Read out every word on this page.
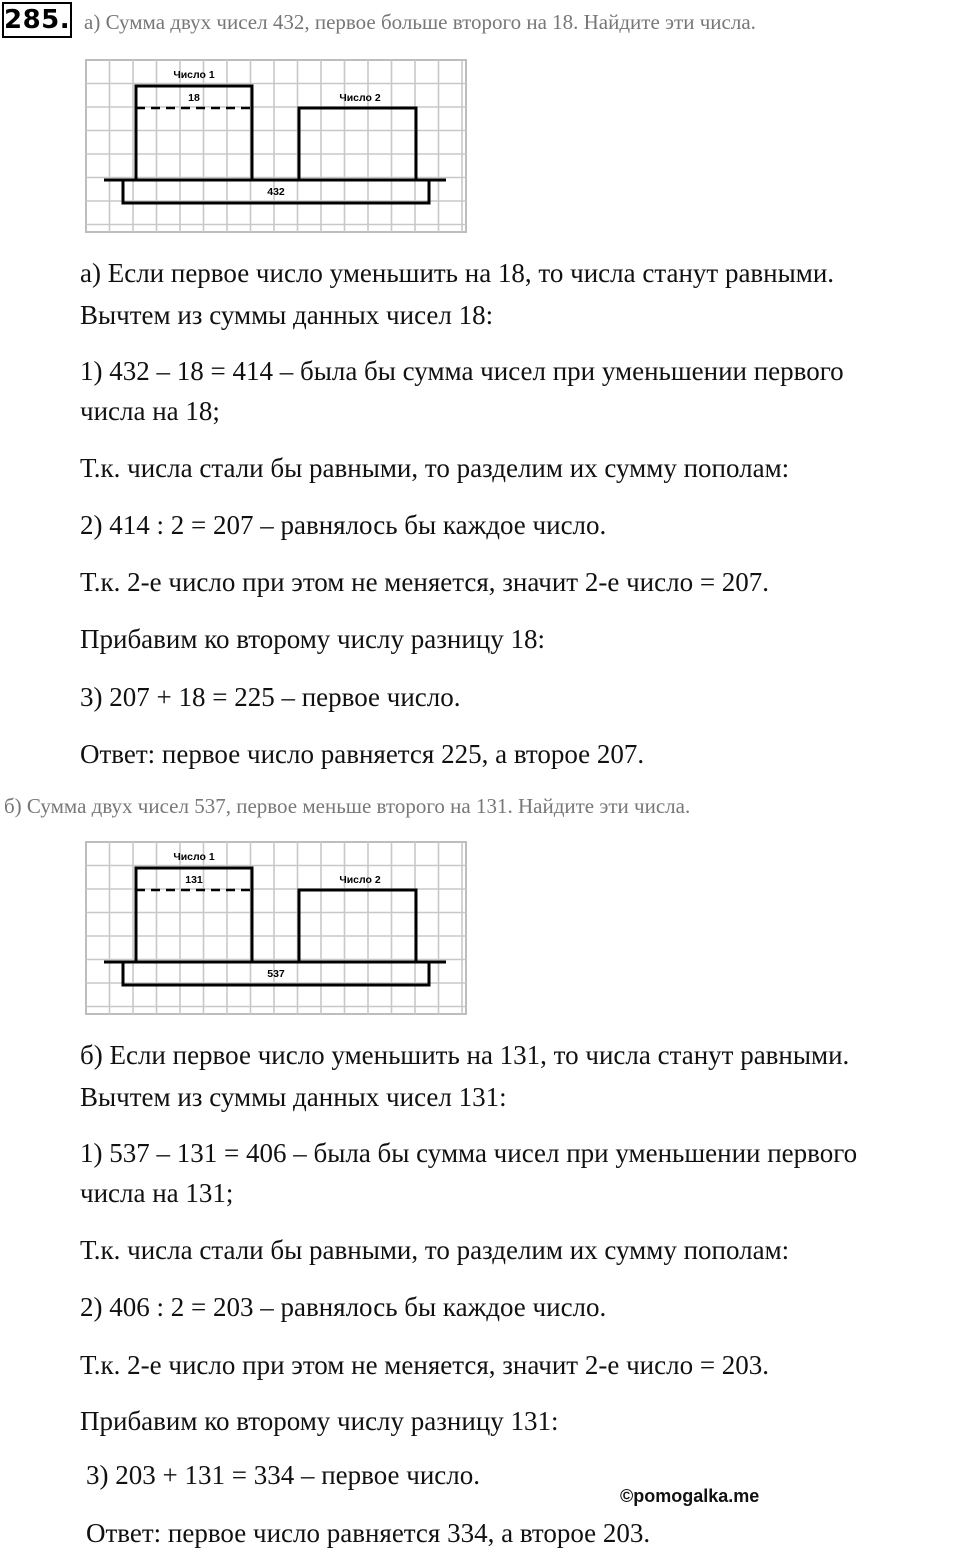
285. а) Сумма двух чисел 432, первое больше второго на 18. Найдите эти числа.
Число 1
18	Число 2
432
а) Если первое число уменьшить на 18, то числа станут равными.
Вычтем из суммы данных чисел 18:
1) 432 – 18 = 414 – была бы сумма чисел при уменьшении первого
числа на 18;
Т.к. числа стали бы равными, то разделим их сумму пополам:
2) 414 : 2 = 207 – равнялось бы каждое число.
Т.к. 2-е число при этом не меняется, значит 2-е число = 207.
Прибавим ко второму числу разницу 18:
3) 207 + 18 = 225 – первое число.
Ответ: первое число равняется 225, а второе 207.
б) Сумма двух чисел 537, первое меньше второго на 131. Найдите эти числа.
Число 1
131	Число 2
537
б) Если первое число уменьшить на 131, то числа станут равными.
Вычтем из суммы данных чисел 131:
1) 537 – 131 = 406 – была бы сумма чисел при уменьшении первого
числа на 131;
Т.к. числа стали бы равными, то разделим их сумму пополам:
2) 406 : 2 = 203 – равнялось бы каждое число.
Т.к. 2-е число при этом не меняется, значит 2-е число = 203.
Прибавим ко второму числу разницу 131:
3) 203 + 131 = 334 – первое число.
Ответ: первое число равняется 334, а второе 203.
©pomogalka.me
